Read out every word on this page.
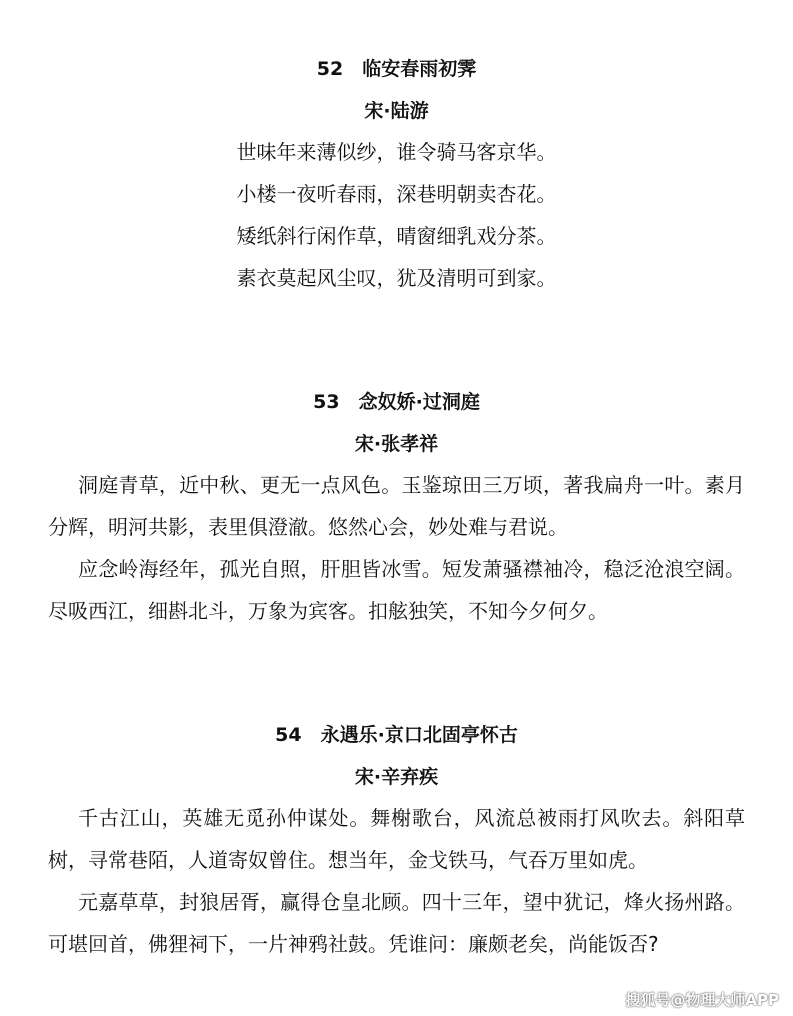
52　临安春雨初霁
宋·陆游
世味年来薄似纱，谁令骑马客京华。
小楼一夜听春雨，深巷明朝卖杏花。
矮纸斜行闲作草，晴窗细乳戏分茶。
素衣莫起风尘叹，犹及清明可到家。
53　念奴娇·过洞庭
宋·张孝祥
洞庭青草，近中秋、更无一点风色。玉鉴琼田三万顷，著我扁舟一叶。素月分辉，明河共影，表里俱澄澈。悠然心会，妙处难与君说。
应念岭海经年，孤光自照，肝胆皆冰雪。短发萧骚襟袖冷，稳泛沧浪空阔。尽吸西江，细斟北斗，万象为宾客。扣舷独笑，不知今夕何夕。
54　永遇乐·京口北固亭怀古
宋·辛弃疾
千古江山，英雄无觅孙仲谋处。舞榭歌台，风流总被雨打风吹去。斜阳草树，寻常巷陌，人道寄奴曾住。想当年，金戈铁马，气吞万里如虎。
元嘉草草，封狼居胥，赢得仓皇北顾。四十三年，望中犹记，烽火扬州路。可堪回首，佛狸祠下，一片神鸦社鼓。凭谁问：廉颇老矣，尚能饭否?
搜狐号@物理大师APP
